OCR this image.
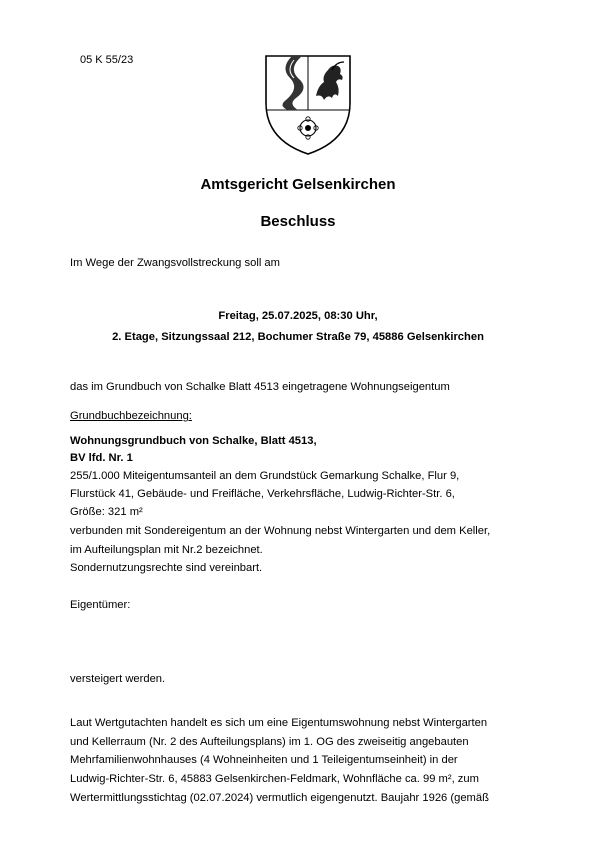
05 K 55/23
Amtsgericht Gelsenkirchen
Beschluss
Im Wege der Zwangsvollstreckung soll am
Freitag, 25.07.2025, 08:30 Uhr,
2. Etage, Sitzungssaal 212, Bochumer Straße 79, 45886 Gelsenkirchen
das im Grundbuch von Schalke Blatt 4513 eingetragene Wohnungseigentum
Grundbuchbezeichnung:
Wohnungsgrundbuch von Schalke, Blatt 4513,
BV lfd. Nr. 1
255/1.000 Miteigentumsanteil an dem Grundstück Gemarkung Schalke, Flur 9,
Flurstück 41, Gebäude- und Freifläche, Verkehrsfläche, Ludwig-Richter-Str. 6,
Größe: 321 m²
verbunden mit Sondereigentum an der Wohnung nebst Wintergarten und dem Keller,
im Aufteilungsplan mit Nr.2 bezeichnet.
Sondernutzungsrechte sind vereinbart.
Eigentümer:
versteigert werden.
Laut Wertgutachten handelt es sich um eine Eigentumswohnung nebst Wintergarten
und Kellerraum (Nr. 2 des Aufteilungsplans) im 1. OG des zweiseitig angebauten
Mehrfamilienwohnhauses (4 Wohneinheiten und 1 Teileigentumseinheit) in der
Ludwig-Richter-Str. 6, 45883 Gelsenkirchen-Feldmark, Wohnfläche ca. 99 m², zum
Wertermittlungsstichtag (02.07.2024) vermutlich eigengenutzt. Baujahr 1926 (gemäß
